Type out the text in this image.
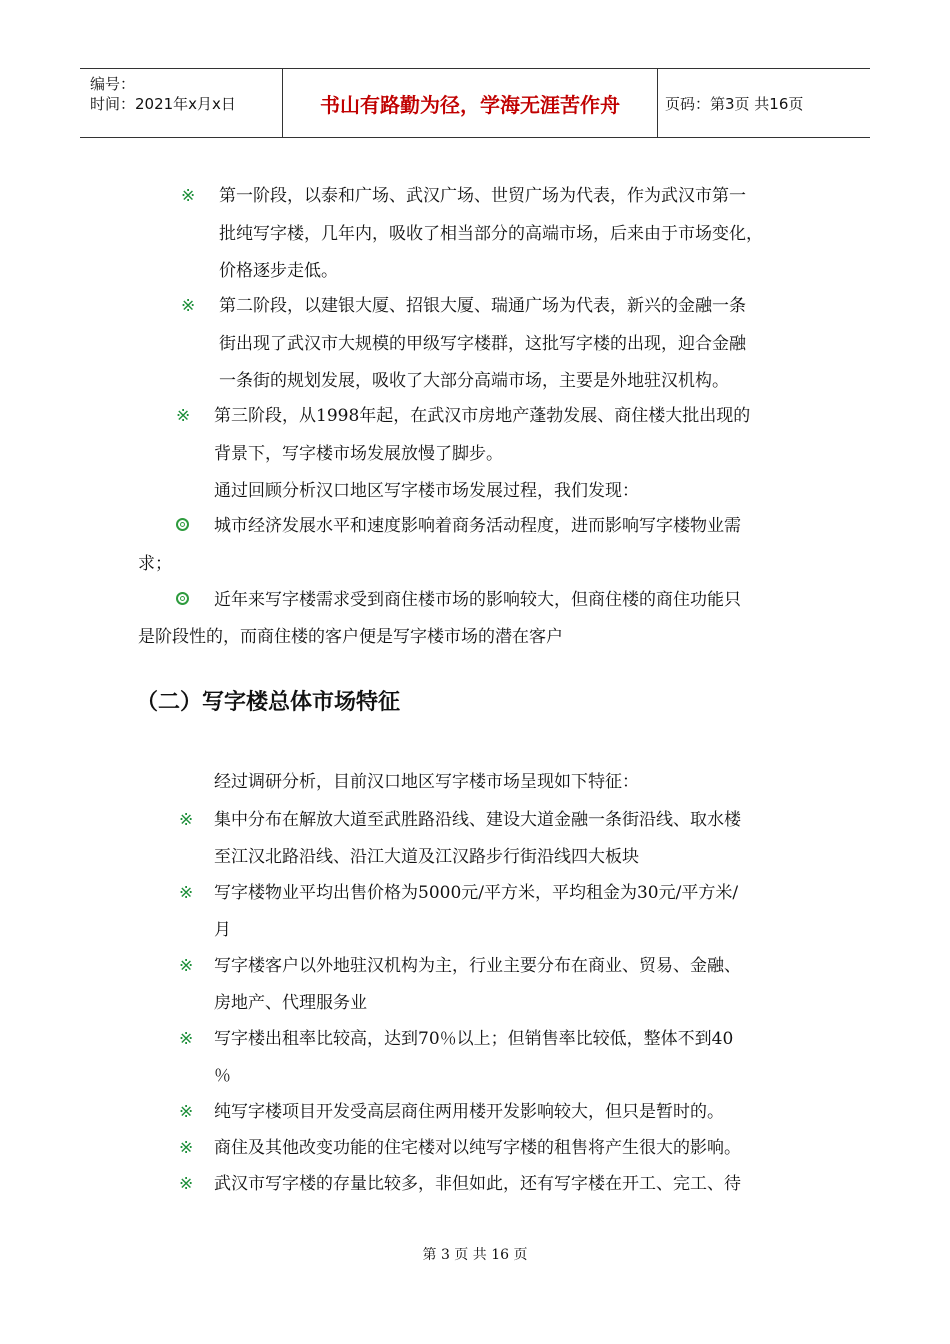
编号：
时间：2021年x月x日	书山有路勤为径，学海无涯苦作舟	页码：第3页 共16页
※ 第一阶段，以泰和广场、武汉广场、世贸广场为代表，作为武汉市第一
批纯写字楼，几年内，吸收了相当部分的高端市场，后来由于市场变化，
价格逐步走低。
※ 第二阶段，以建银大厦、招银大厦、瑞通广场为代表，新兴的金融一条
街出现了武汉市大规模的甲级写字楼群，这批写字楼的出现，迎合金融
一条街的规划发展，吸收了大部分高端市场，主要是外地驻汉机构。
※ 第三阶段，从1998年起，在武汉市房地产蓬勃发展、商住楼大批出现的
背景下，写字楼市场发展放慢了脚步。
通过回顾分析汉口地区写字楼市场发展过程，我们发现：
城市经济发展水平和速度影响着商务活动程度，进而影响写字楼物业需
求；
近年来写字楼需求受到商住楼市场的影响较大，但商住楼的商住功能只
是阶段性的，而商住楼的客户便是写字楼市场的潜在客户
（二）写字楼总体市场特征
经过调研分析，目前汉口地区写字楼市场呈现如下特征：
※ 集中分布在解放大道至武胜路沿线、建设大道金融一条街沿线、取水楼
至江汉北路沿线、沿江大道及江汉路步行街沿线四大板块
※ 写字楼物业平均出售价格为5000元/平方米，平均租金为30元/平方米/
月
※ 写字楼客户以外地驻汉机构为主，行业主要分布在商业、贸易、金融、
房地产、代理服务业
※ 写字楼出租率比较高，达到70％以上；但销售率比较低，整体不到40
％
※ 纯写字楼项目开发受高层商住两用楼开发影响较大，但只是暂时的。
※ 商住及其他改变功能的住宅楼对以纯写字楼的租售将产生很大的影响。
※ 武汉市写字楼的存量比较多，非但如此，还有写字楼在开工、完工、待
第 3 页 共 16 页
